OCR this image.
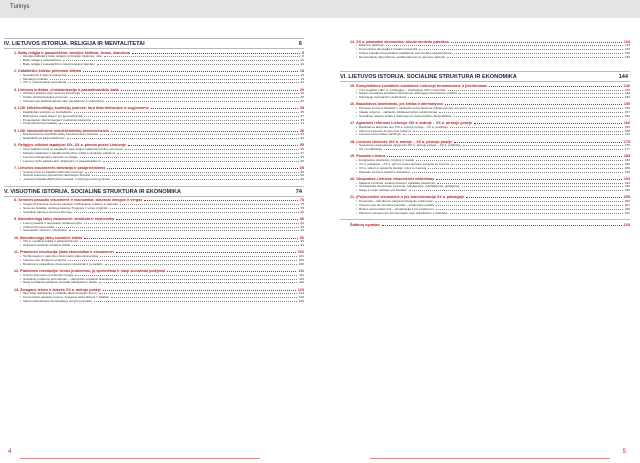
Turinys
IV. LIETUVOS ISTORIJA. RELIGIJA IR MENTALITETAI	6
1. Baltų religija ir pasaulėžiūra: istorijos šaltiniai, žinios, šiandiena	8
• Istorijos šaltiniai ir baltų religijos tyrinėtojai, tikėjimas, mitai	8
• Baltų religija ir pasaulėžiūra	10
• Baltų religija ir pasaulėžiūros interpretacijos šiandien	14
2. Katalikiško krikšto priėmimo dilema	18
• Neveiksnūs ir ilgas sumanymas	18
• Mindaugo krikštas	19
• XIV a. Gediminaičių sprendimai	22
3. Lietuvos krikštas, christianizacija ir pasaulėvaizdžio kaita	26
• Oficialus krikštas kaip Lietuvos konversija	26
• Krašto christianizacijos procesas	28
• Visuomenės krikščionėjimas tarp pamaldumo ir sinkretizmo	30
4. LDK krikščioniškųjų konfesijų įvairovė: tarp diskriminacijos ir sugyvenimo	35
• Katalikybės santykis su stačiatikybe	35
• Bažnytinės unijos idėja ir jos įgyvendinimas	37
• Protestantai: diskriminacija ir konfesinė tolerancija	39
• Protestantai tarp katalikų	41
5. LDK etnokonfesinis nekrikščioniškų bendruomenės	46
• Etnokonfesinių nekrikščioniškų bendruomenių statusas	46
• Nekrikščionys kaip krikščionys	50
6. Religijos reikšmė tapatybei XIX–XX a. pirmos pusės Lietuvoje	55
• Caro valdžios kova su katalikybe kaip naujos tapatybės kūrimo priemonė	55
• Motiejus Valančius ir katalikų bažnyčios reikšmė tautiniam judėjimui	57
• Lietuvių inteligentijos santykis su religija	59
• Lietuvos žydų padėtis tarp religingumo ir pasaulietiškumo	60
7. Lietuvos visuomenės ateizacija ir pasipriešinimas	65
• Sovietų kova su Katalikų bažnyčia Lietuvoje	65
• Sovietų kuriamos prievartinės ateizacijos bruožai	66
• „Lietuvos Katalikų Bažnyčios kronika“ ir tikinčiųjų teisių gynimas	69
V. VISUOTINĖ ISTORIJA. SOCIALINĖ STRUKTŪRA IR EKONOMIKA	74
8. Senovės pasaulio visuomenė ir ekonomika: laisvasis žmogus ir vergas	76
• Vergai priimamose senovės pasaulio civilizacijose reikšmė ir statusas	76
• Senovės Graikija: skirtinga laisvojo žmogaus ir vergo prigimtis	78
• Socialinio įtampos senovės Romoje	80
9. Ikimoderniųjų laikų visuomenė: struktūra ir ekonomika	86
• Luomų padėtis ir tarpusavio priklausomybė	86
• Viduramžių ekonomika	89
• Savivaldūs miestai ir miestiečiai	92
10. Ikimoderniųjų laikų socialinė kritika	96
• XVI a. socialinė kritika ir pasipriešinimas	96
• Apšvietos tarpsnio socialinė kritika	99
11. Pramonės revoliucija: jtaka ekonomikai ir visuomenei	102
• Technologijos ir gamybos būdo kaitos jtaka ekonomikai	102
• Visuomenės struktūros pokyčiai	105
• Bendrosios pasaulinės visuomenės sluoksniai ir jų padėtis	108
12. Pramonės revoliucija: senos problemos, jų sprendimai ir nauji socialiniai judėjimai	111
• Antrojo pramonės revoliucijos banga	111
• Socialinių problemų sprendimas – valstybinis socialinis draudimas	115
• Nauji socialiniai judėjimai: kitoniški aplinkybės ir tikslai	116
13. Žmogaus teisės ir laisvės XX a. antroje pusėje	123
• Tarp lūkių deklaracijų ir radikalių diskriminacijos formų	123
• Komunistinė pasaulio nuoma: žmogaus teisių likimas ir išlaikiai	126
• Vakarų liberaliosios demokratijos vertybių pamatai	130
14. XX a. pasaulinė ekonomika: tobulo modelio paieškos	134
• Etatizmo iškilimas	134
• Komunistinė ideologija ir privati nuosavybė	136
• Kinijos Liaudies Respublikos totalitarinio ekonomikos eksperimentai	138
• Demokratinių šalių dilema: neoliberalizmas ar gerovės valstybė	139
VI. LIETUVOS ISTORIJA. SOCIALINĖ STRUKTŪRA IR EKONOMIKA	144
15. Europietiškos socialinės struktūros Lietuvoje formavimasis ir jūtvirtinimas	146
• Trys Jogailos 1387 m. privilegijos – civilizacijos lūžio momentas	146
• Naujos socialinės struktūros įtvirtinimas: kilmingųjų dominavimo pradžia	148
• Kilmingųjų dominavimo įtvirtinimas	150
16. Baudžiavos įtvirtinimas, jos kritika ir alternatyvos	155
• Pirmasis Lietuvos Statutas ir valstiečio sumenkinimas priklausomybė nuo pono	155
• Valakų reforma – valstiečio priklausomybės sustiprinimas	157
• Socialinės tvarkos kritika ir alternatyvos Žečpospolitos Respublikoje	160
17. Agrarinės reformos Lietuvoje XIX a. antroje – XX a. pirmoje pusėje	166
• Baudžiavos laikymas nuo XIX a. antrojo pusėje – XX a. pradžioje	166
• Atkurtos Lietuvos žemės ūkio reforma	168
• Lietuvos ekonomikos pažanga	170
18. Lietuvos Istorinės XIX a. antroje – XX a. pirmoje pusėje	175
• Sovietmas etapuojamas sąlygomis XIX a. antroje pusėje – XX a. pradžioje	175
• Vis į modifikaciją	177
19. Pasaulio Lietuva	183
• Emigracijos priežastys, kryptys ir mastai	183
• XX a. pabaigos – XX a. pirmos pusės išeivijos santykis su Lietuva	186
• XX a. vidurio ir sekančių išeivija: ryšys su Lietuva	188
• Pasaulio Lietuvos kultūrinė šiandiena	190
20. Okupuotos Lietuvos visuomenės naikinimas	194
• Masiniai trėmimai, kolektyvizacija ir ūgtaliaks pasekmės	194
• Holokaustas okupuotoje Lietuvoje: holokaustas, prisitaikymas, gelbėjimas	196
• Naujo ir naujo patirties yra šiandien	199
21. (Po)sovietinė visuomenė ir jos transformacija XX a. pabaigoje	205
• Perversija – šiandienos naujumai daugelio vykdomoje	205
• Visuomenės ekonomikos pamatai – straipsniai socialiai	207
• Rinkos ekonomikos link – privatizacija ir jos problemos	209
• Pilietinės visuomenės formavimasis: tarp pilietiškumo ir atskirties	212
Šaltinių sąrašas	218
4	5
